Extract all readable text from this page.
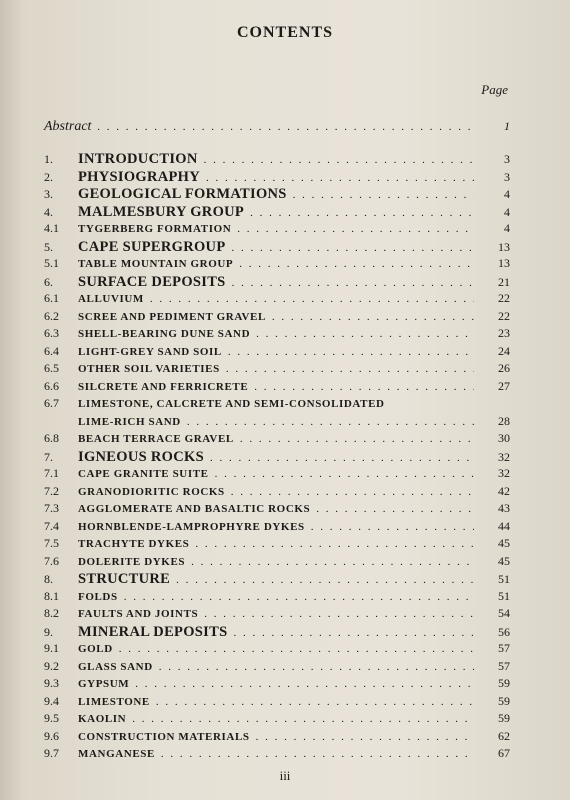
CONTENTS
Page
Abstract . . .	1
1.	INTRODUCTION . . .	3
2.	PHYSIOGRAPHY . . .	3
3.	GEOLOGICAL FORMATIONS . . .	4
4.	MALMESBURY GROUP . . .	4
4.1	TYGERBERG FORMATION . . .	4
5.	CAPE SUPERGROUP . . .	13
5.1	TABLE MOUNTAIN GROUP . . .	13
6.	SURFACE DEPOSITS . . .	21
6.1	ALLUVIUM . . .	22
6.2	SCREE AND PEDIMENT GRAVEL . . .	22
6.3	SHELL-BEARING DUNE SAND . . .	23
6.4	LIGHT-GREY SAND SOIL . . .	24
6.5	OTHER SOIL VARIETIES . . .	26
6.6	SILCRETE AND FERRICRETE . . .	27
6.7	LIMESTONE, CALCRETE AND SEMI-CONSOLIDATED
LIME-RICH SAND . . .	28
6.8	BEACH TERRACE GRAVEL . . .	30
7.	IGNEOUS ROCKS . . .	32
7.1	CAPE GRANITE SUITE . . .	32
7.2	GRANODIORITIC ROCKS . . .	42
7.3	AGGLOMERATE AND BASALTIC ROCKS . . .	43
7.4	HORNBLENDE-LAMPROPHYRE DYKES . . .	44
7.5	TRACHYTE DYKES . . .	45
7.6	DOLERITE DYKES . . .	45
8.	STRUCTURE . . .	51
8.1	FOLDS . . .	51
8.2	FAULTS AND JOINTS . . .	54
9.	MINERAL DEPOSITS . . .	56
9.1	GOLD . . .	57
9.2	GLASS SAND . . .	57
9.3	GYPSUM . . .	59
9.4	LIMESTONE . . .	59
9.5	KAOLIN . . .	59
9.6	CONSTRUCTION MATERIALS . . .	62
9.7	MANGANESE . . .	67
iii
